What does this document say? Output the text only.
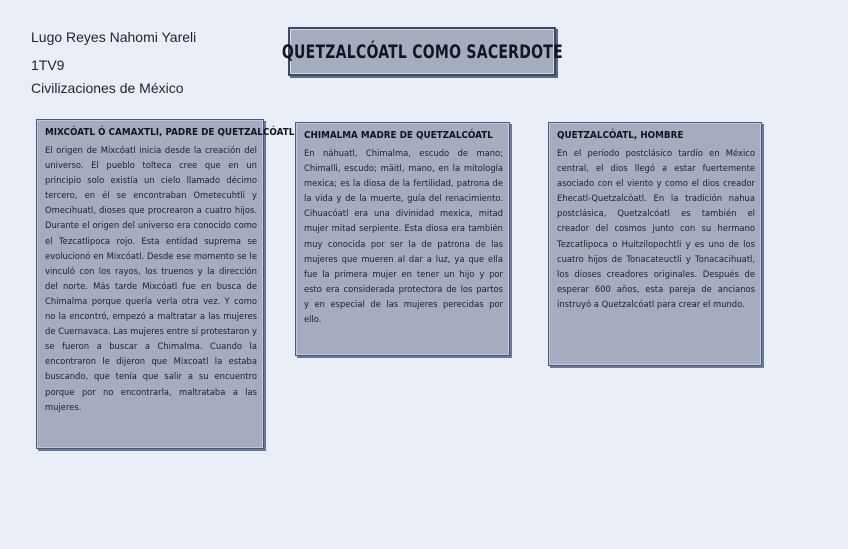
Lugo Reyes Nahomi Yareli
1TV9
Civilizaciones de México
QUETZALCÓATL COMO SACERDOTE
MIXCÓATL Ó CAMAXTLI, PADRE DE QUETZALCÓATL

El origen de Mixcóatl inicia desde la creación del universo. El pueblo tolteca cree que en un principio solo existía un cielo llamado décimo tercero, en él se encontraban Ometecuhtli y Omecihuatl, dioses que procrearon a cuatro hijos. Durante el origen del universo era conocido como el Tezcatlipoca rojo. Esta entidad suprema se evolucionó en Mixcóatl. Desde ese momento se le vinculó con los rayos, los truenos y la dirección del norte. Más tarde Mixcóatl fue en busca de Chimalma porque quería verla otra vez. Y como no la encontró, empezó a maltratar a las mujeres de Cuernavaca. Las mujeres entre sí protestaron y se fueron a buscar a Chimalma. Cuando la encontraron le dijeron que Mixcoatl la estaba buscando, que tenía que salir a su encuentro porque por no encontrarla, maltrataba a las mujeres.

CHIMALMA MADRE DE QUETZALCÓATL

En náhuatl, Chimalma, escudo de mano; Chimalli, escudo; mäitl, mano, en la mitología mexica; es la diosa de la fertilidad, patrona de la vida y de la muerte, guía del renacimiento. Cihuacóatl era una divinidad mexica, mitad mujer mitad serpiente. Esta diosa era también muy conocida por ser la de patrona de las mujeres que mueren al dar a luz, ya que ella fue la primera mujer en tener un hijo y por esto era considerada protectora de los partos y en especial de las mujeres perecidas por ello.

QUETZALCÓATL, HOMBRE

En el período postclásico tardío en México central, el dios llegó a estar fuertemente asociado con el viento y como el dios creador Ehecatl-Quetzalcóatl. En la tradición nahua postclásica, Quetzalcóatl es también el creador del cosmos junto con su hermano Tezcatlipoca o Huitzilopochtli y es uno de los cuatro hijos de Tonacateuctli y Tonacacihuatl, los dioses creadores originales. Después de esperar 600 años, esta pareja de ancianos instruyó a Quetzalcóatl para crear el mundo.
